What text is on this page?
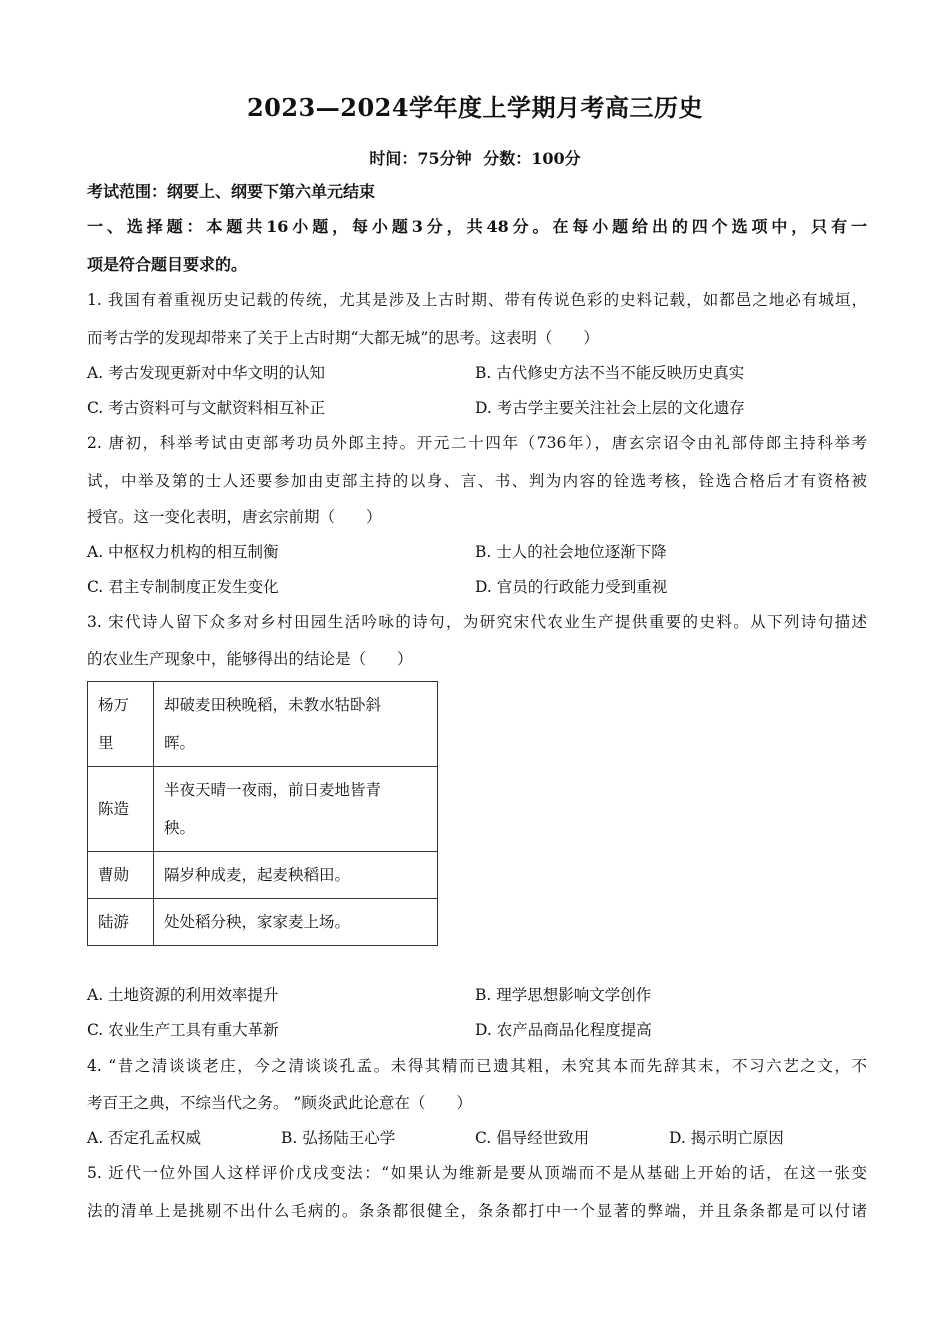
2023—2024学年度上学期月考高三历史
时间：75分钟 分数：100分
考试范围：纲要上、纲要下第六单元结束
一、选择题：本题共16小题，每小题3分，共48分。在每小题给出的四个选项中，只有一
项是符合题目要求的。
1. 我国有着重视历史记载的传统，尤其是涉及上古时期、带有传说色彩的史料记载，如都邑之地必有城垣，
而考古学的发现却带来了关于上古时期“大都无城”的思考。这表明（　　）
A. 考古发现更新对中华文明的认知	B. 古代修史方法不当不能反映历史真实
C. 考古资料可与文献资料相互补正	D. 考古学主要关注社会上层的文化遗存
2. 唐初，科举考试由吏部考功员外郎主持。开元二十四年（736年），唐玄宗诏令由礼部侍郎主持科举考
试，中举及第的士人还要参加由吏部主持的以身、言、书、判为内容的铨选考核，铨选合格后才有资格被
授官。这一变化表明，唐玄宗前期（　　）
A. 中枢权力机构的相互制衡	B. 士人的社会地位逐渐下降
C. 君主专制制度正发生变化	D. 官员的行政能力受到重视
3. 宋代诗人留下众多对乡村田园生活吟咏的诗句，为研究宋代农业生产提供重要的史料。从下列诗句描述
的农业生产现象中，能够得出的结论是（　　）
杨万
里	却破麦田秧晚稻，未教水牯卧斜
晖。
陈造	半夜天晴一夜雨，前日麦地皆青
秧。
曹勋	隔岁种成麦，起麦秧稻田。
陆游	处处稻分秧，家家麦上场。
A. 土地资源的利用效率提升	B. 理学思想影响文学创作
C. 农业生产工具有重大革新	D. 农产品商品化程度提高
4. “昔之清谈谈老庄，今之清谈谈孔孟。未得其精而已遗其粗，未究其本而先辞其末，不习六艺之文，不
考百王之典，不综当代之务。 ”顾炎武此论意在（　　）
A. 否定孔孟权威	B. 弘扬陆王心学	C. 倡导经世致用	D. 揭示明亡原因
5. 近代一位外国人这样评价戊戌变法：“如果认为维新是要从顶端而不是从基础上开始的话，在这一张变
法的清单上是挑剔不出什么毛病的。条条都很健全，条条都打中一个显著的弊端，并且条条都是可以付诸
